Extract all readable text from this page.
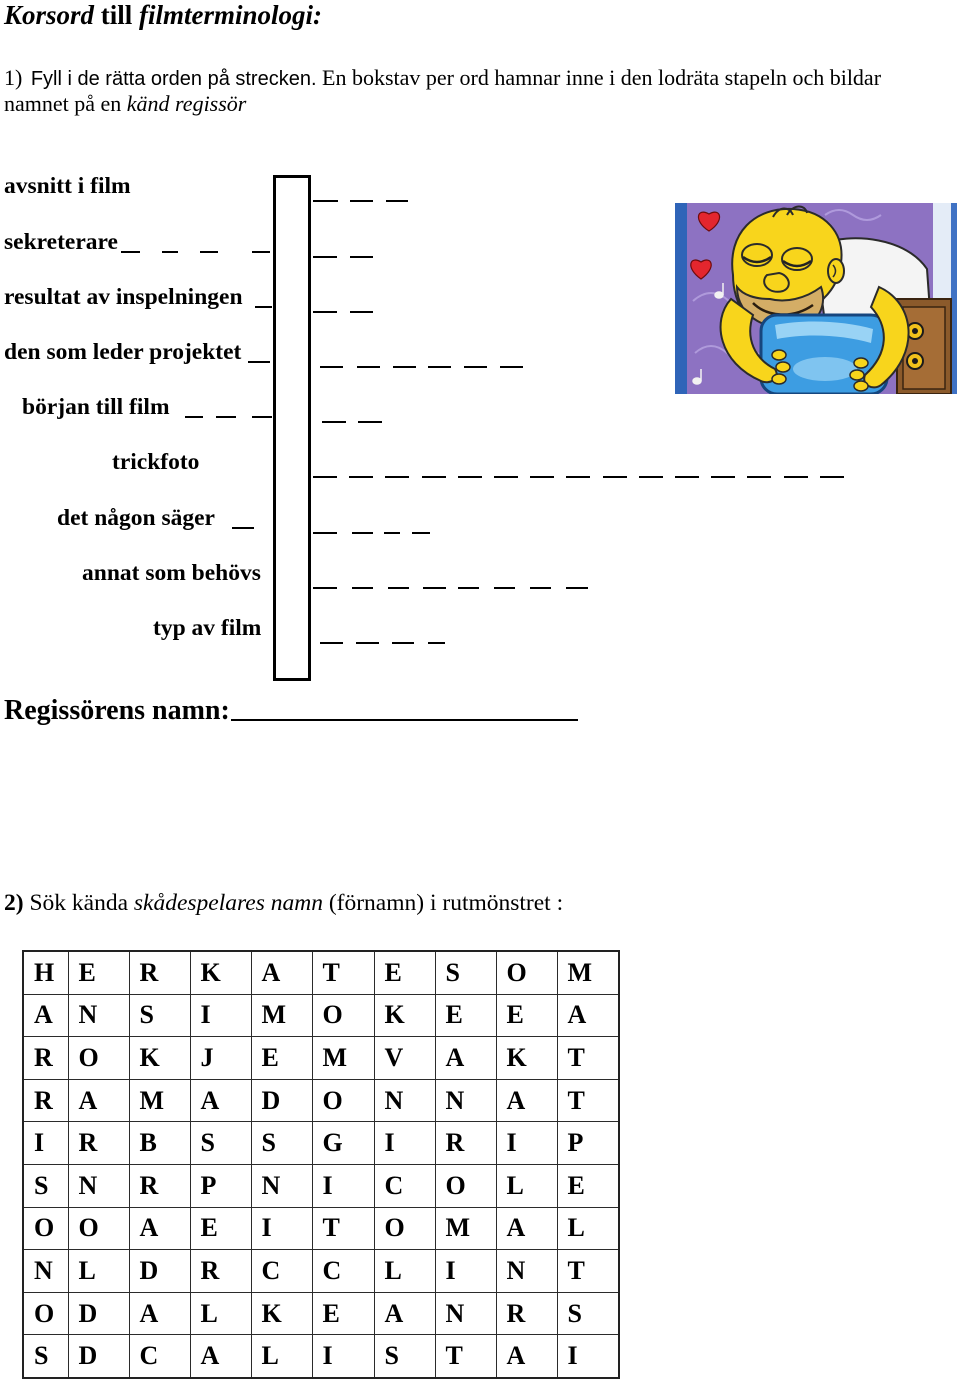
Korsord till filmterminologi:
1) Fyll i de rätta orden på strecken. En bokstav per ord hamnar inne i den lodräta stapeln och bildar
namnet på en känd regissör
avsnitt i film
sekreterare
resultat av inspelningen
den som leder projektet
början till film
trickfoto
det någon säger
annat som behövs
typ av film
Regissörens namn:
2) Sök kända skådespelares namn (förnamn) i rutmönstret :
H	E	R	K	A	T	E	S	O	M
A	N	S	I	M	O	K	E	E	A
R	O	K	J	E	M	V	A	K	T
R	A	M	A	D	O	N	N	A	T
I	R	B	S	S	G	I	R	I	P
S	N	R	P	N	I	C	O	L	E
O	O	A	E	I	T	O	M	A	L
N	L	D	R	C	C	L	I	N	T
O	D	A	L	K	E	A	N	R	S
S	D	C	A	L	I	S	T	A	I
